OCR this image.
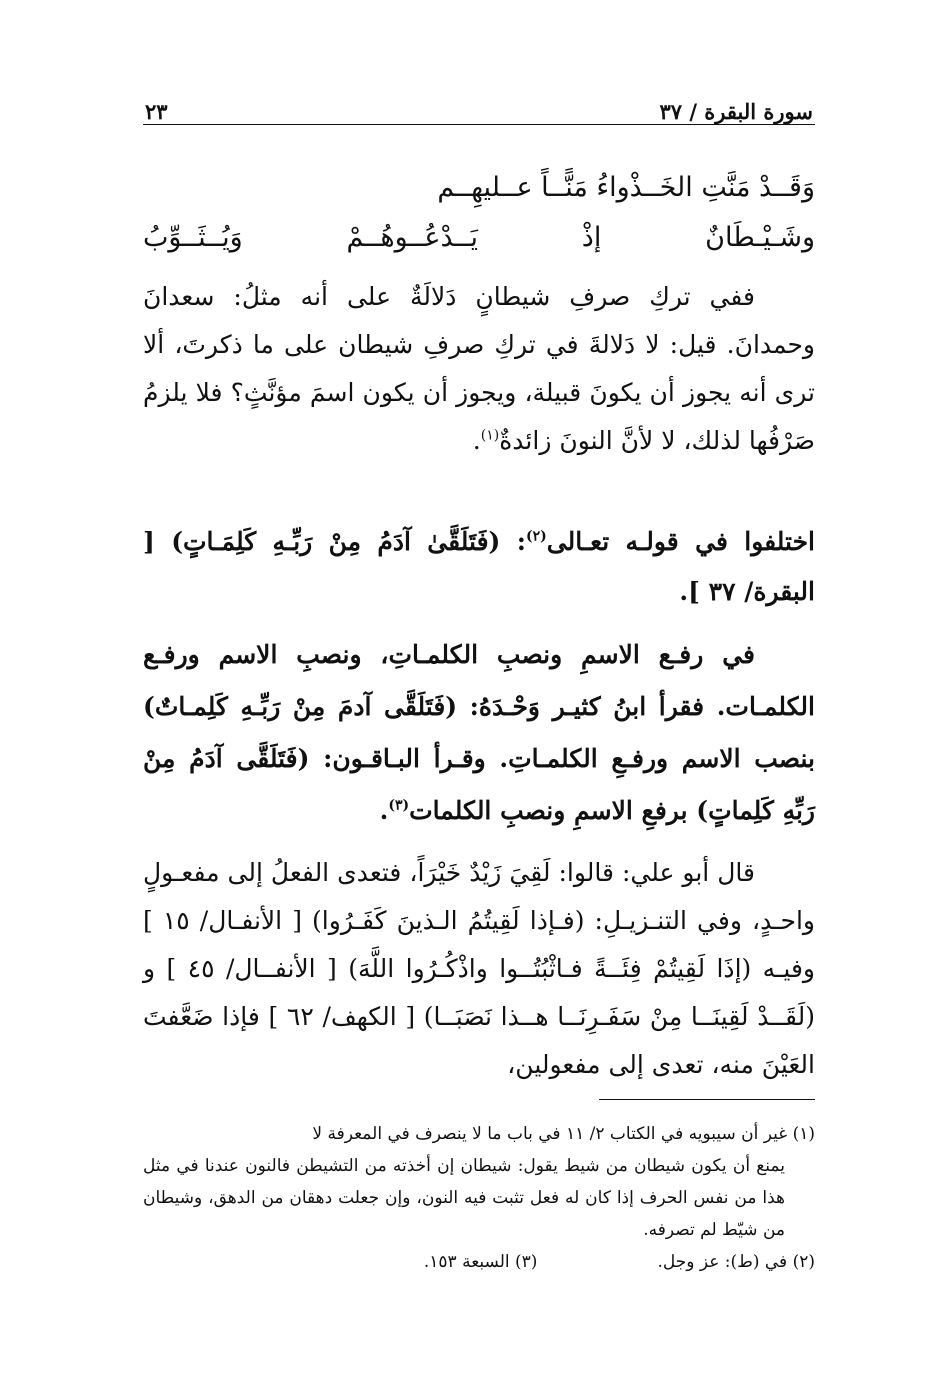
سورة البقرة / ٣٧
٢٣
وَقَــدْ مَنَّتِ الخَــذْواءُ مَنًّــاً عــليهِــم
وشَـيْـطَانٌ إذْ يَــدْعُــوهُــمْ وَيُــثَــوِّبُ

ففي تركِ صرفِ شيطانٍ دَلالَةٌ على أنه مثلُ: سعدانَ وحمدانَ. قيل: لا دَلالةَ في تركِ صرفِ شيطان على ما ذكرتَ، ألا ترى أنه يجوز أن يكونَ قبيلة، ويجوز أن يكون اسمَ مؤنَّثٍ؟ فلا يلزمُ صَرْفُها لذلك، لا لأنَّ النونَ زائدةٌ$^{(١)}$.

اختلفوا في قولـه تعـالى$^{(٢)}$: (فَتَلَقَّىٰ آدَمُ مِنْ رَبِّـهِ كَلِمَـاتٍ) [ البقرة/ ٣٧ ].

في رفـع الاسمِ ونصبِ الكلمـاتِ، ونصبِ الاسم ورفـع الكلمـات. فقرأ ابنُ كثيـر وَحْـدَهُ: (فَتَلَقَّى آدمَ مِنْ رَبِّـهِ كَلِمـاتٌ) بنصب الاسم ورفـعِ الكلمـاتِ. وقـرأ البـاقـون: (فَتَلَقَّى آدَمُ مِنْ رَبِّهِ كَلِماتٍ) برفعِ الاسمِ ونصبِ الكلمات$^{(٣)}$.

قال أبو علي: قالوا: لَقِيَ زَيْدٌ خَيْرَاً، فتعدى الفعلُ إلى مفعـولٍ واحـدٍ، وفي التنـزيـلِ: (فـإذا لَقِيتُمُ الـذينَ كَفَـرُوا) [ الأنفـال/ ١٥ ] وفيـه (إذَا لَقِيتُمْ فِئَــةً فـاثْبُتُــوا واذْكُـرُوا اللَّهَ) [ الأنفــال/ ٤٥ ] و (لَقَــدْ لَقِينَــا مِنْ سَفَـرِنَــا هــذا نَصَبَــا) [ الكهف/ ٦٢ ] فإذا ضَعَّفتَ العَيْنَ منه، تعدى إلى مفعولين،

(١) غير أن سيبويه في الكتاب ٢/ ١١ في باب ما لا ينصرف في المعرفة لا
يمنع أن يكون شيطان من شيط يقول: شيطان إن أخذته من التشيطن فالنون عندنا في مثل هذا من نفس الحرف إذا كان له فعل تثبت فيه النون، وإن جعلت دهقان من الدهق، وشيطان من شيّط لم تصرفه.
(٢) في (ط): عز وجل.
(٣) السبعة ١٥٣.
